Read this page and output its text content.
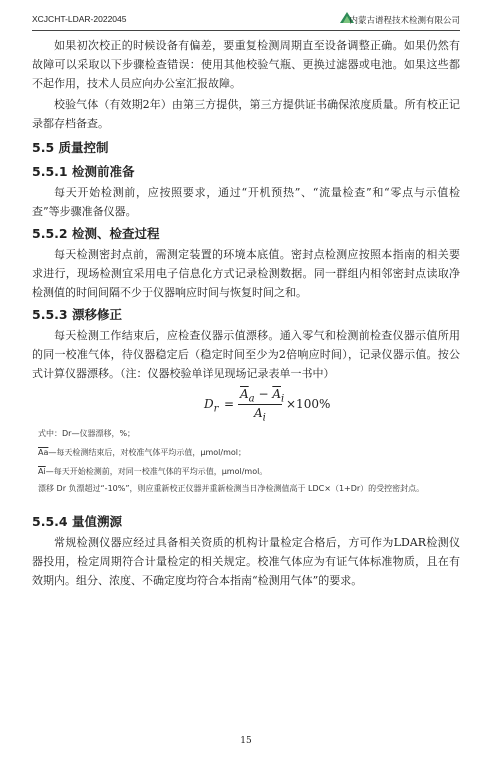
XCJCHT-LDAR-2022045	内蒙古谱程技术检测有限公司

如果初次校正的时候设备有偏差，要重复检测周期直至设备调整正确。如果仍然有故障可以采取以下步骤检查错误：使用其他校验气瓶、更换过滤器或电池。如果这些都不起作用，技术人员应向办公室汇报故障。

校验气体（有效期2年）由第三方提供，第三方提供证书确保浓度质量。所有校正记录都存档备查。

5.5 质量控制
5.5.1 检测前准备

每天开始检测前，应按照要求，通过“开机预热”、“流量检查”和“零点与示值检查”等步骤准备仪器。

5.5.2 检测、检查过程

每天检测密封点前，需测定装置的环境本底值。密封点检测应按照本指南的相关要求进行，现场检测宜采用电子信息化方式记录检测数据。同一群组内相邻密封点读取净检测值的时间间隔不少于仪器响应时间与恢复时间之和。

5.5.3 漂移修正

每天检测工作结束后，应检查仪器示值漂移。通入零气和检测前检查仪器示值所用的同一校准气体，待仪器稳定后（稳定时间至少为2倍响应时间），记录仪器示值。按公式计算仪器漂移。（注：仪器校验单详见现场记录表单一书中）

$D_r$ =
$\overline{A}_a - \overline{A}_i$
$A_i$
×100%
式中：Dr—仪器漂移，%；
$\overline{Aa}—$每天检测结束后，对校准气体平均示值，μmol/mol；
$\overline{Ai}—$每天开始检测前，对同一校准气体的平均示值，μmol/mol。
漂移 Dr 负漂超过“-10%”，则应重新校正仪器并重新检测当日净检测值高于 LDC×（1+Dr）的受控密封点。
5.5.4 量值溯源

常规检测仪器应经过具备相关资质的机构计量检定合格后，方可作为LDAR检测仪器投用，检定周期符合计量检定的相关规定。校准气体应为有证气体标准物质，且在有效期内。组分、浓度、不确定度均符合本指南“检测用气体”的要求。

15
